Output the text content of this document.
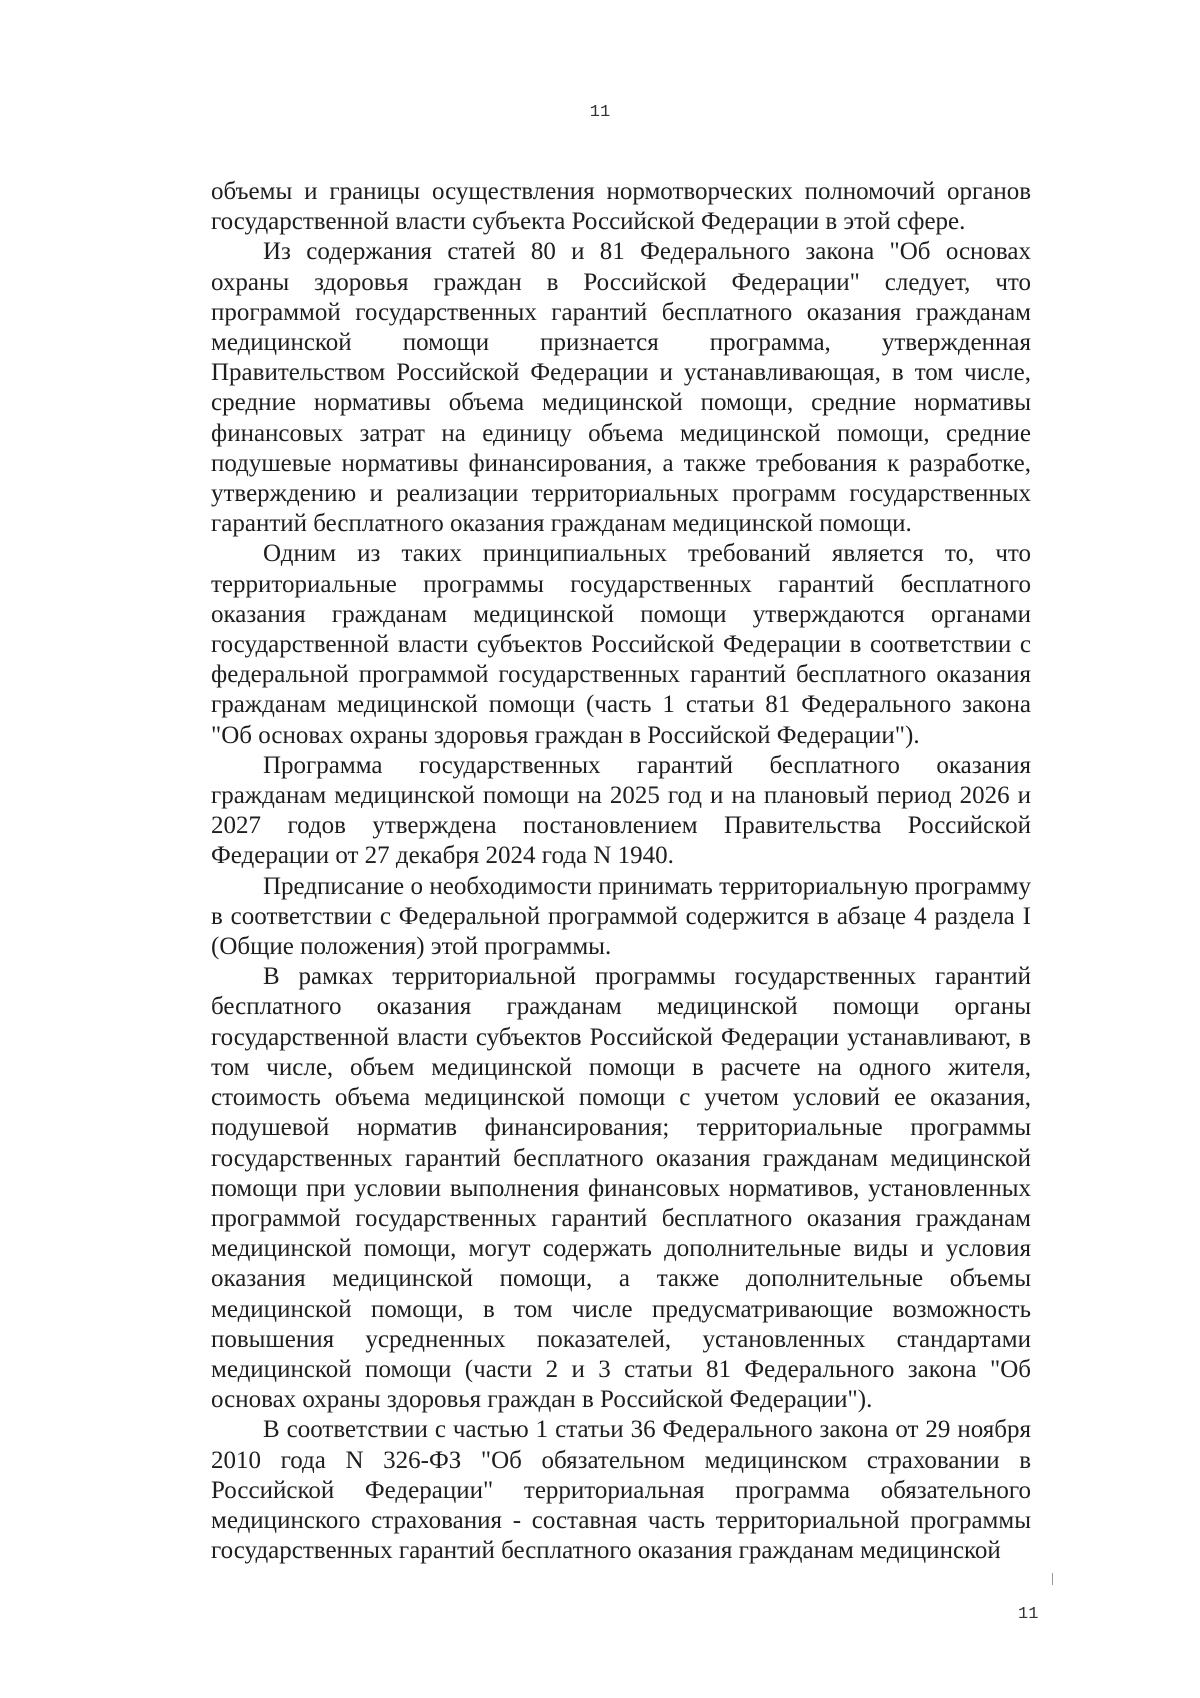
11

объемы и границы осуществления нормотворческих полномочий органов государственной власти субъекта Российской Федерации в этой сфере.

Из содержания статей 80 и 81 Федерального закона "Об основах охраны здоровья граждан в Российской Федерации" следует, что программой государственных гарантий бесплатного оказания гражданам медицинской помощи признается программа, утвержденная Правительством Российской Федерации и устанавливающая, в том числе, средние нормативы объема медицинской помощи, средние нормативы финансовых затрат на единицу объема медицинской помощи, средние подушевые нормативы финансирования, а также требования к разработке, утверждению и реализации территориальных программ государственных гарантий бесплатного оказания гражданам медицинской помощи.

Одним из таких принципиальных требований является то, что территориальные программы государственных гарантий бесплатного оказания гражданам медицинской помощи утверждаются органами государственной власти субъектов Российской Федерации в соответствии с федеральной программой государственных гарантий бесплатного оказания гражданам медицинской помощи (часть 1 статьи 81 Федерального закона "Об основах охраны здоровья граждан в Российской Федерации").

Программа государственных гарантий бесплатного оказания гражданам медицинской помощи на 2025 год и на плановый период 2026 и 2027 годов утверждена постановлением Правительства Российской Федерации от 27 декабря 2024 года N 1940.

Предписание о необходимости принимать территориальную программу в соответствии с Федеральной программой содержится в абзаце 4 раздела I (Общие положения) этой программы.

В рамках территориальной программы государственных гарантий бесплатного оказания гражданам медицинской помощи органы государственной власти субъектов Российской Федерации устанавливают, в том числе, объем медицинской помощи в расчете на одного жителя, стоимость объема медицинской помощи с учетом условий ее оказания, подушевой норматив финансирования; территориальные программы государственных гарантий бесплатного оказания гражданам медицинской помощи при условии выполнения финансовых нормативов, установленных программой государственных гарантий бесплатного оказания гражданам медицинской помощи, могут содержать дополнительные виды и условия оказания медицинской помощи, а также дополнительные объемы медицинской помощи, в том числе предусматривающие возможность повышения усредненных показателей, установленных стандартами медицинской помощи (части 2 и 3 статьи 81 Федерального закона "Об основах охраны здоровья граждан в Российской Федерации").

В соответствии с частью 1 статьи 36 Федерального закона от 29 ноября 2010 года N 326-ФЗ "Об обязательном медицинском страховании в Российской Федерации" территориальная программа обязательного медицинского страхования - составная часть территориальной программы государственных гарантий бесплатного оказания гражданам медицинской

11
